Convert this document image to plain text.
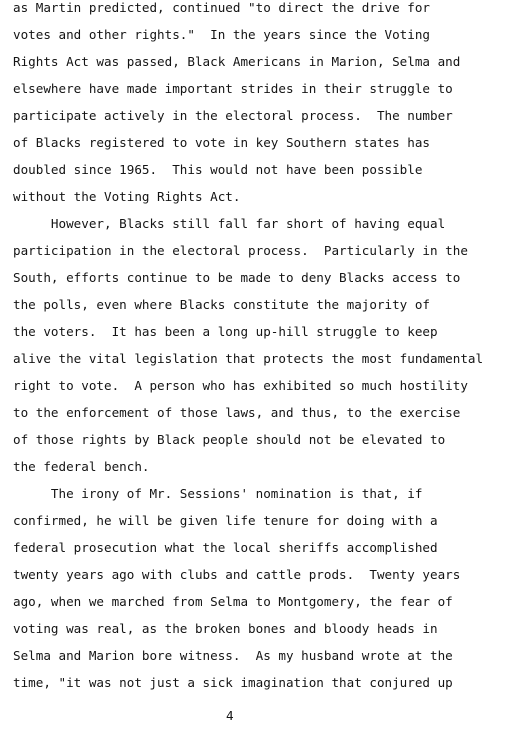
as Martin predicted, continued "to direct the drive for
votes and other rights."  In the years since the Voting
Rights Act was passed, Black Americans in Marion, Selma and
elsewhere have made important strides in their struggle to
participate actively in the electoral process.  The number
of Blacks registered to vote in key Southern states has
doubled since 1965.  This would not have been possible
without the Voting Rights Act.
However, Blacks still fall far short of having equal
participation in the electoral process.  Particularly in the
South, efforts continue to be made to deny Blacks access to
the polls, even where Blacks constitute the majority of
the voters.  It has been a long up-hill struggle to keep
alive the vital legislation that protects the most fundamental
right to vote.  A person who has exhibited so much hostility
to the enforcement of those laws, and thus, to the exercise
of those rights by Black people should not be elevated to
the federal bench.
The irony of Mr. Sessions' nomination is that, if
confirmed, he will be given life tenure for doing with a
federal prosecution what the local sheriffs accomplished
twenty years ago with clubs and cattle prods.  Twenty years
ago, when we marched from Selma to Montgomery, the fear of
voting was real, as the broken bones and bloody heads in
Selma and Marion bore witness.  As my husband wrote at the
time, "it was not just a sick imagination that conjured up
4
